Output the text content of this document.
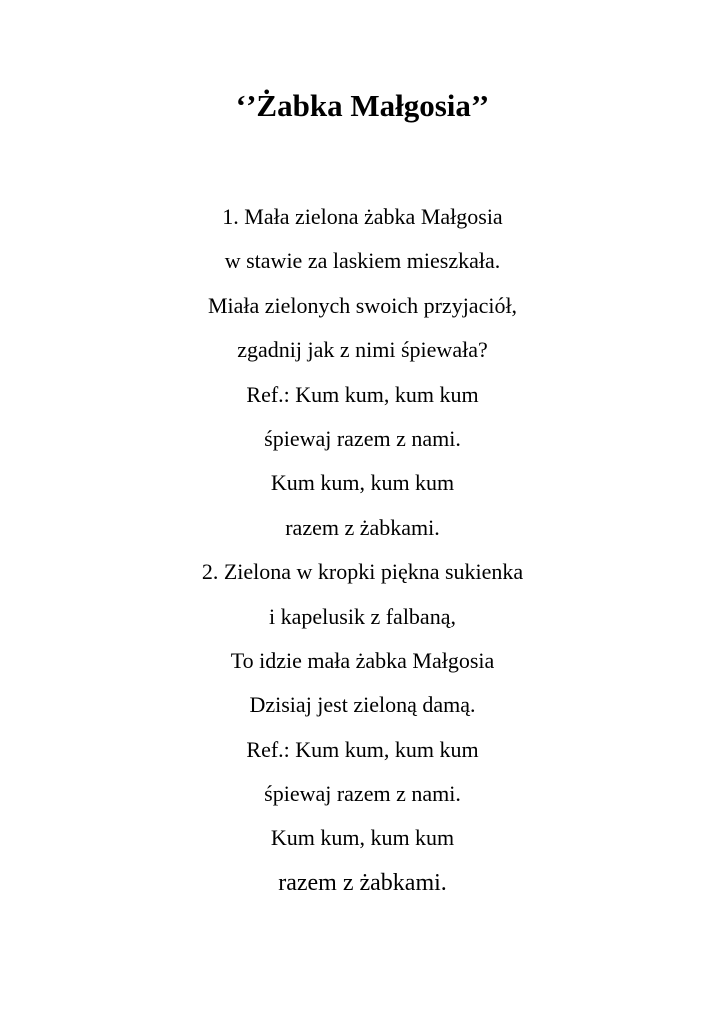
‘’Żabka Małgosia’’
1. Mała zielona żabka Małgosia
w stawie za laskiem mieszkała.
Miała zielonych swoich przyjaciół,
zgadnij jak z nimi śpiewała?
Ref.: Kum kum, kum kum
śpiewaj razem z nami.
Kum kum, kum kum
razem z żabkami.
2. Zielona w kropki piękna sukienka
i kapelusik z falbaną,
To idzie mała żabka Małgosia
Dzisiaj jest zieloną damą.
Ref.: Kum kum, kum kum
śpiewaj razem z nami.
Kum kum, kum kum
razem z żabkami.
